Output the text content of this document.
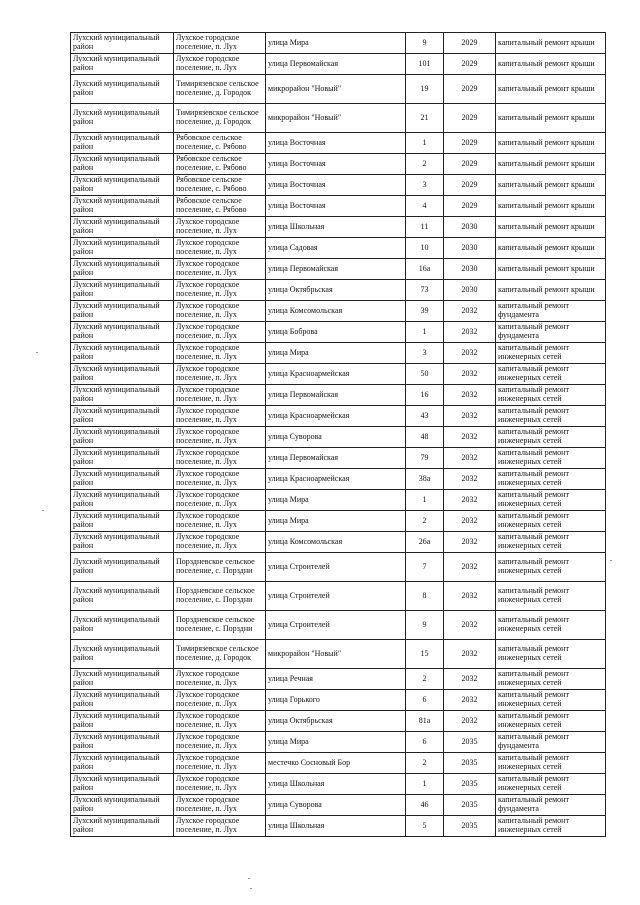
Лухский муниципальный район	Лухское городское поселение, п. Лух	улица Мира	9	2029	капитальный ремонт крыши
Лухский муниципальный район	Лухское городское поселение, п. Лух	улица Первомайская	101	2029	капитальный ремонт крыши
Лухский муниципальный район	Тимирязевское сельское поселение, д. Городок	микрорайон "Новый"	19	2029	капитальный ремонт крыши
Лухский муниципальный район	Тимирязевское сельское поселение, д. Городок	микрорайон "Новый"	21	2029	капитальный ремонт крыши
Лухский муниципальный район	Рябовское сельское поселение, с. Рябово	улица Восточная	1	2029	капитальный ремонт крыши
Лухский муниципальный район	Рябовское сельское поселение, с. Рябово	улица Восточная	2	2029	капитальный ремонт крыши
Лухский муниципальный район	Рябовское сельское поселение, с. Рябово	улица Восточная	3	2029	капитальный ремонт крыши
Лухский муниципальный район	Рябовское сельское поселение, с. Рябово	улица Восточная	4	2029	капитальный ремонт крыши
Лухский муниципальный район	Лухское городское поселение, п. Лух	улица Школьная	11	2030	капитальный ремонт крыши
Лухский муниципальный район	Лухское городское поселение, п. Лух	улица Садовая	10	2030	капитальный ремонт крыши
Лухский муниципальный район	Лухское городское поселение, п. Лух	улица Первомайская	16а	2030	капитальный ремонт крыши
Лухский муниципальный район	Лухское городское поселение, п. Лух	улица Октябрьская	73	2030	капитальный ремонт крыши
Лухский муниципальный район	Лухское городское поселение, п. Лух	улица Комсомольская	39	2032	капитальный ремонт фундамента
Лухский муниципальный район	Лухское городское поселение, п. Лух	улица Боброва	1	2032	капитальный ремонт фундамента
Лухский муниципальный район	Лухское городское поселение, п. Лух	улица Мира	3	2032	капитальный ремонт инженерных сетей
Лухский муниципальный район	Лухское городское поселение, п. Лух	улица Красноармейская	50	2032	капитальный ремонт инженерных сетей
Лухский муниципальный район	Лухское городское поселение, п. Лух	улица Первомайская	16	2032	капитальный ремонт инженерных сетей
Лухский муниципальный район	Лухское городское поселение, п. Лух	улица Красноармейская	43	2032	капитальный ремонт инженерных сетей
Лухский муниципальный район	Лухское городское поселение, п. Лух	улица Суворова	48	2032	капитальный ремонт инженерных сетей
Лухский муниципальный район	Лухское городское поселение, п. Лух	улица Первомайская	79	2032	капитальный ремонт инженерных сетей
Лухский муниципальный район	Лухское городское поселение, п. Лух	улица Красноармейская	38а	2032	капитальный ремонт инженерных сетей
Лухский муниципальный район	Лухское городское поселение, п. Лух	улица Мира	1	2032	капитальный ремонт инженерных сетей
Лухский муниципальный район	Лухское городское поселение, п. Лух	улица Мира	2	2032	капитальный ремонт инженерных сетей
Лухский муниципальный район	Лухское городское поселение, п. Лух	улица Комсомольская	26а	2032	капитальный ремонт инженерных сетей
Лухский муниципальный район	Порздневское сельское поселение, с. Порздни	улица Строителей	7	2032	капитальный ремонт инженерных сетей
Лухский муниципальный район	Порздневское сельское поселение, с. Порздни	улица Строителей	8	2032	капитальный ремонт инженерных сетей
Лухский муниципальный район	Порздневское сельское поселение, с. Порздни	улица Строителей	9	2032	капитальный ремонт инженерных сетей
Лухский муниципальный район	Тимирязевское сельское поселение, д. Городок	микрорайон "Новый"	15	2032	капитальный ремонт инженерных сетей
Лухский муниципальный район	Лухское городское поселение, п. Лух	улица Речная	2	2032	капитальный ремонт инженерных сетей
Лухский муниципальный район	Лухское городское поселение, п. Лух	улица Горького	6	2032	капитальный ремонт инженерных сетей
Лухский муниципальный район	Лухское городское поселение, п. Лух	улица Октябрьская	81а	2032	капитальный ремонт инженерных сетей
Лухский муниципальный район	Лухское городское поселение, п. Лух	улица Мира	6	2035	капитальный ремонт фундамента
Лухский муниципальный район	Лухское городское поселение, п. Лух	местечко Сосновый Бор	2	2035	капитальный ремонт инженерных сетей
Лухский муниципальный район	Лухское городское поселение, п. Лух	улица Школьная	1	2035	капитальный ремонт инженерных сетей
Лухский муниципальный район	Лухское городское поселение, п. Лух	улица Суворова	46	2035	капитальный ремонт фундамента
Лухский муниципальный район	Лухское городское поселение, п. Лух	улица Школьная	5	2035	капитальный ремонт инженерных сетей
